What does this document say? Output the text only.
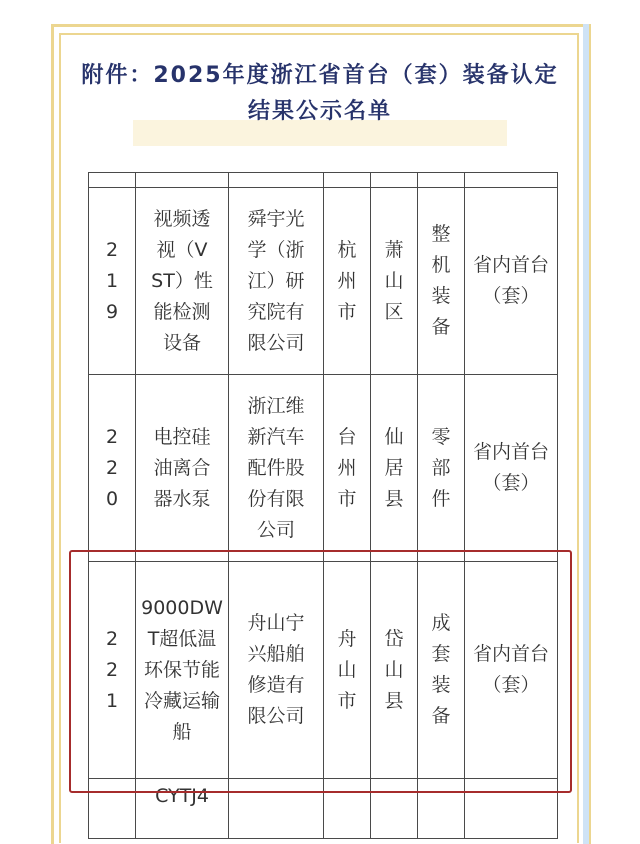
附件：2025年度浙江省首台（套）装备认定结果公示名单

219	视频透视（VST）性能检测设备	舜宇光学（浙江）研究院有限公司	杭州市	萧山区	整机装备	省内首台（套）
220	电控硅油离合器水泵	浙江维新汽车配件股份有限公司	台州市	仙居县	零部件	省内首台（套）
221	9000DWT超低温环保节能冷藏运输船	舟山宁兴船舶修造有限公司	舟山市	岱山县	成套装备	省内首台（套）
	CYTJ4					
